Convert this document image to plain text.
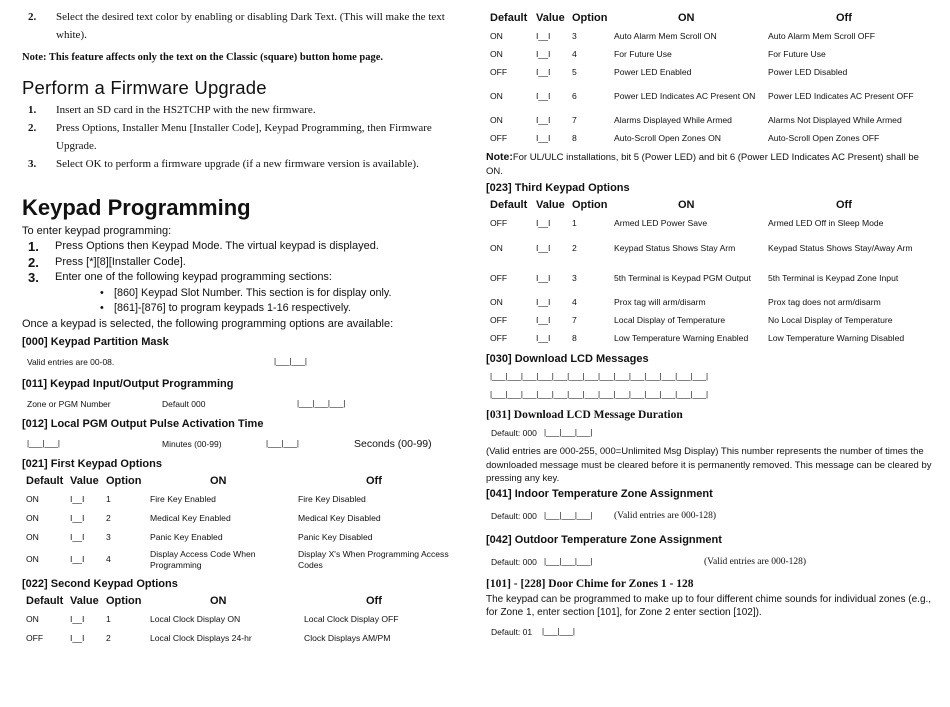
2. Select the desired text color by enabling or disabling Dark Text. (This will make the text white).
Note: This feature affects only the text on the Classic (square) button home page.
Perform a Firmware Upgrade
1. Insert an SD card in the HS2TCHP with the new firmware.
2. Press Options, Installer Menu [Installer Code], Keypad Programming, then Firmware Upgrade.
3. Select OK to perform a firmware upgrade (if a new firmware version is available).
Keypad Programming
To enter keypad programming:
1. Press Options then Keypad Mode. The virtual keypad is displayed.
2. Press [*][8][Installer Code].
3. Enter one of the following keypad programming sections:
• [860] Keypad Slot Number. This section is for display only.
• [861]-[876] to program keypads 1-16 respectively.
Once a keypad is selected, the following programming options are available:
[000] Keypad Partition Mask
Valid entries are 00-08.	|___|___|
[011] Keypad Input/Output Programming
Zone or PGM Number	Default 000	|___|___|___|
[012] Local PGM Output Pulse Activation Time
|___|___|	Minutes (00-99)	|___|___|	Seconds (00-99)
[021] First Keypad Options
Default	Value	Option	ON	Off
ON	I__I	1	Fire Key Enabled	Fire Key Disabled
ON	I__I	2	Medical Key Enabled	Medical Key Disabled
ON	I__I	3	Panic Key Enabled	Panic Key Disabled
ON	I__I	4	Display Access Code When Programming	Display X's When Programming Access Codes
[022] Second Keypad Options
Default	Value	Option	ON	Off
ON	I__I	1	Local Clock Display ON	Local Clock Display OFF
OFF	I__I	2	Local Clock Displays 24-hr	Clock Displays AM/PM
Default	Value	Option	ON	Off
ON	I__I	3	Auto Alarm Mem Scroll ON	Auto Alarm Mem Scroll OFF
ON	I__I	4	For Future Use	For Future Use
OFF	I__I	5	Power LED Enabled	Power LED Disabled
ON	I__I	6	Power LED Indicates AC Present ON	Power LED Indicates AC Present OFF
ON	I__I	7	Alarms Displayed While Armed	Alarms Not Displayed While Armed
OFF	I__I	8	Auto-Scroll Open Zones ON	Auto-Scroll Open Zones OFF
Note:For UL/ULC installations, bit 5 (Power LED) and bit 6 (Power LED Indicates AC Present) shall be ON.
[023] Third Keypad Options
Default	Value	Option	ON	Off
OFF	I__I	1	Armed LED Power Save	Armed LED Off in Sleep Mode
ON	I__I	2	Keypad Status Shows Stay Arm	Keypad Status Shows Stay/Away Arm
OFF	I__I	3	5th Terminal is Keypad PGM Output	5th Terminal is Keypad Zone Input
ON	I__I	4	Prox tag will arm/disarm	Prox tag does not arm/disarm
OFF	I__I	7	Local Display of Temperature	No Local Display of Temperature
OFF	I__I	8	Low Temperature Warning Enabled	Low Temperature Warning Disabled
[030] Download LCD Messages
|___|___|___|___|___|___|___|___|___|___|___|___|___|___|
|___|___|___|___|___|___|___|___|___|___|___|___|___|___|
[031] Download LCD Message Duration
Default: 000 |___|___|___|
(Valid entries are 000-255, 000=Unlimited Msg Display) This number represents the number of times the downloaded message must be cleared before it is permanently removed. This message can be cleared by pressing any key.
[041] Indoor Temperature Zone Assignment
Default: 000 |___|___|___| (Valid entries are 000-128)
[042] Outdoor Temperature Zone Assignment
Default: 000 |___|___|___|	(Valid entries are 000-128)
[101] - [228] Door Chime for Zones 1 - 128
The keypad can be programmed to make up to four different chime sounds for individual zones (e.g., for Zone 1, enter section [101], for Zone 2 enter section [102]).
Default: 01 |___|___|
